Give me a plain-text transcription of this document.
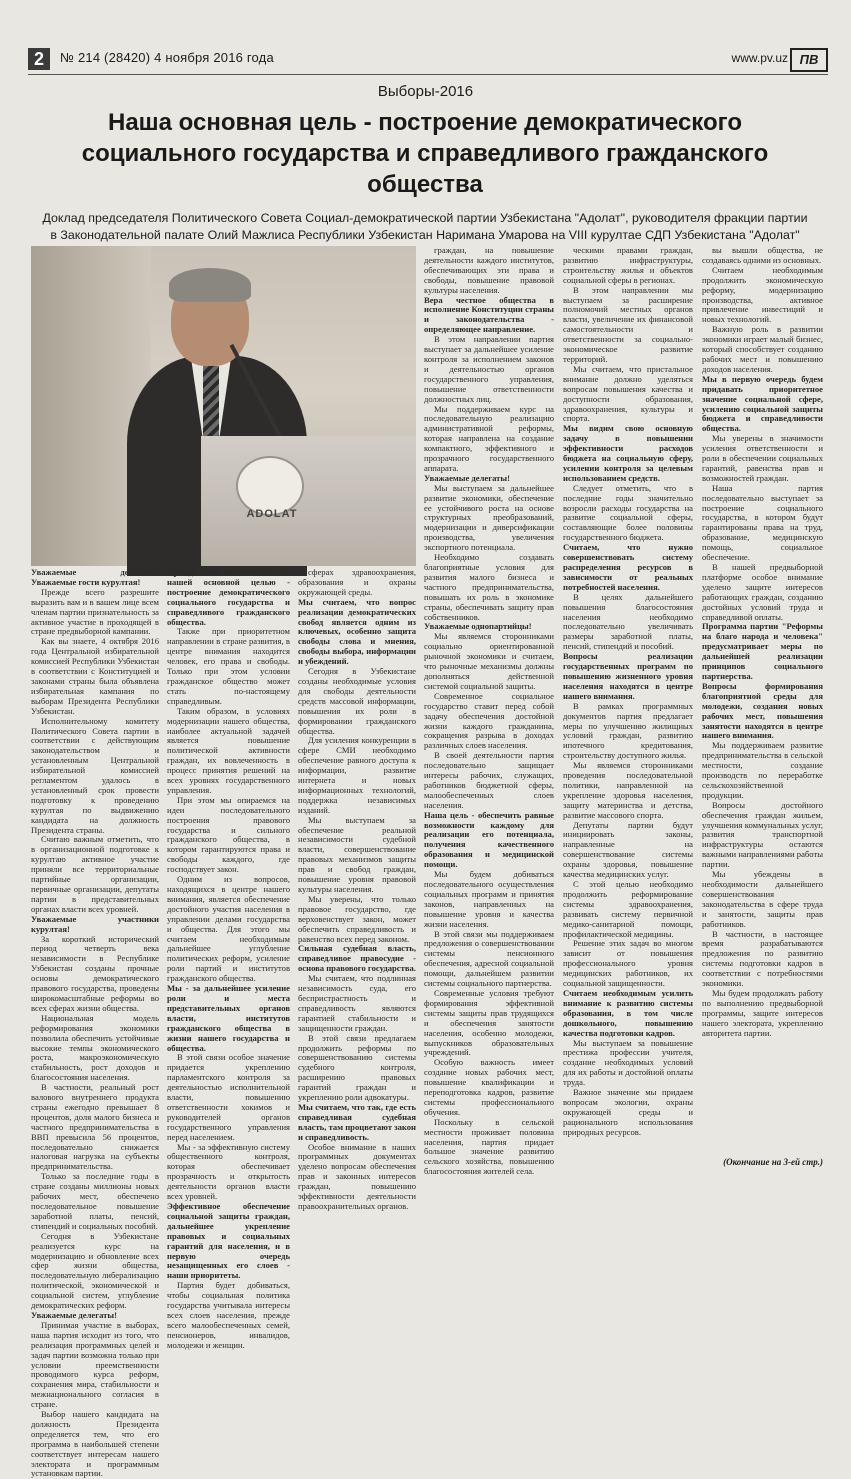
2	№ 214 (28420) 4 ноября 2016 года	www.pv.uz ПВ
Выборы-2016
Наша основная цель - построение демократического социального государства и справедливого гражданского общества
Доклад председателя Политического Совета Социал-демократической партии Узбекистана "Адолат", руководителя фракции партии в Законодательной палате Олий Мажлиса Республики Узбекистан Наримана Умарова на VIII курултае СДП Узбекистана "Адолат"
ADOLAT

Уважаемые делегаты! Уважаемые гости курултая!

Прежде всего разрешите выразить вам и в вашем лице всем членам партии признательность за активное участие в проходящей в стране предвыборной кампании.

Как вы знаете, 4 октября 2016 года Центральной избирательной комиссией Республики Узбекистан в соответствии с Конституцией и законами страны была объявлена избирательная кампания по выборам Президента Республики Узбекистан.

Исполнительному комитету Политического Совета партии в соответствии с действующим законодательством и установленным Центральной избирательной комиссией регламентом удалось в установленный срок провести подготовку к проведению курултая по выдвижению кандидата на должность Президента страны.

Считаю важным отметить, что в организационной подготовке к курултаю активное участие приняли все территориальные партийные организации, первичные организации, депутаты партии в представительных органах власти всех уровней.

Уважаемые участники курултая!

За короткий исторический период четверть века независимости в Республике Узбекистан созданы прочные основы демократического правового государства, проведены широкомасштабные реформы во всех сферах жизни общества.

Национальная модель реформирования экономики позволила обеспечить устойчивые высокие темпы экономического роста, макроэкономическую стабильность, рост доходов и благосостояния населения.

В частности, реальный рост валового внутреннего продукта страны ежегодно превышает 8 процентов, доля малого бизнеса и частного предпринимательства в ВВП превысила 56 процентов, последовательно снижается налоговая нагрузка на субъекты предпринимательства.

Только за последние годы в стране созданы миллионы новых рабочих мест, обеспечено последовательное повышение заработной платы, пенсий, стипендий и социальных пособий.

Сегодня в Узбекистане реализуется курс на модернизацию и обновление всех сфер жизни общества, последовательную либерализацию политической, экономической и социальной систем, углубление демократических реформ.

Уважаемые делегаты!

Принимая участие в выборах, наша партия исходит из того, что реализация программных целей и задач партии возможна только при условии преемственности проводимого курса реформ, сохранения мира, стабильности и межнационального согласия в стране.

Выбор нашего кандидата на должность Президента определяется тем, что его программа в наибольшей степени соответствует интересам нашего электората и программным установкам партии.

Прежде всего мы считаем, что нашей основной целью - построение демократического социального государства и справедливого гражданского общества.

Также при приоритетном направлении в стране развития, в центре внимания находится человек, его права и свободы. Только при этом условии гражданское общество может стать по-настоящему справедливым.

Таким образом, в условиях модернизации нашего общества, наиболее актуальной задачей является повышение политической активности граждан, их вовлеченность в процесс принятия решений на всех уровнях государственного управления.

При этом мы опираемся на идеи последовательного построения правового государства и сильного гражданского общества, в котором гарантируются права и свободы каждого, где господствует закон.

Одним из вопросов, находящихся в центре нашего внимания, является обеспечение достойного участия населения в управлении делами государства и общества. Для этого мы считаем необходимым дальнейшее углубление политических реформ, усиление роли партий и институтов гражданского общества.

Мы - за дальнейшее усиление роли и места представительных органов власти, институтов гражданского общества в жизни нашего государства и общества.

В этой связи особое значение придается укреплению парламентского контроля за деятельностью исполнительной власти, повышению ответственности хокимов и руководителей органов государственного управления перед населением.

Мы - за эффективную систему общественного контроля, которая обеспечивает прозрачность и открытость деятельности органов власти всех уровней.

Эффективное обеспечение социальной защиты граждан, дальнейшее укрепление правовых и социальных гарантий для населения, и в первую очередь незащищенных его слоев - наши приоритеты.

Партия будет добиваться, чтобы социальная политика государства учитывала интересы всех слоев населения, прежде всего малообеспеченных семей, пенсионеров, инвалидов, молодежи и женщин.

сферах здравоохранения, образования и охраны окружающей среды.

Мы считаем, что вопрос реализации демократических свобод является одним из ключевых, особенно защита свободы слова и мнения, свободы выбора, информации и убеждений.

Сегодня в Узбекистане созданы необходимые условия для свободы деятельности средств массовой информации, повышения их роли в формировании гражданского общества.

Для усиления конкуренции в сфере СМИ необходимо обеспечение равного доступа к информации, развитие интернета и новых информационных технологий, поддержка независимых изданий.

Мы выступаем за обеспечение реальной независимости судебной власти, совершенствование правовых механизмов защиты прав и свобод граждан, повышение уровня правовой культуры населения.

Мы уверены, что только правовое государство, где верховенствует закон, может обеспечить справедливость и равенство всех перед законом.

Сильная судебная власть, справедливое правосудие - основа правового государства.

Мы считаем, что подлинная независимость суда, его беспристрастность и справедливость являются гарантией стабильности и защищенности граждан.

В этой связи предлагаем продолжить реформы по совершенствованию системы судебного контроля, расширению правовых гарантий граждан и укреплению роли адвокатуры.

Мы считаем, что так, где есть справедливая судебная власть, там процветают закон и справедливость.

Особое внимание в наших программных документах уделено вопросам обеспечения прав и законных интересов граждан, повышению эффективности деятельности правоохранительных органов.

граждан, на повышение деятельности каждого институтов, обеспечивающих эти права и свободы, повышение правовой культуры населения.

Вера честное общества в исполнение Конституции страны и законодательства - определяющее направление.

В этом направлении партия выступает за дальнейшее усиление контроля за исполнением законов и деятельностью органов государственного управления, повышение ответственности должностных лиц.

Мы поддерживаем курс на последовательную реализацию административной реформы, которая направлена на создание компактного, эффективного и прозрачного государственного аппарата.

Уважаемые делегаты!

Мы выступаем за дальнейшее развитие экономики, обеспечение ее устойчивого роста на основе структурных преобразований, модернизации и диверсификации производства, увеличения экспортного потенциала.

Необходимо создавать благоприятные условия для развития малого бизнеса и частного предпринимательства, повышать их роль в экономике страны, обеспечивать защиту прав собственников.

Уважаемые однопартийцы!

Мы являемся сторонниками социально ориентированной рыночной экономики и считаем, что рыночные механизмы должны дополняться действенной системой социальной защиты.

Современное социальное государство ставит перед собой задачу обеспечения достойной жизни каждого гражданина, сокращения разрыва в доходах различных слоев населения.

В своей деятельности партия последовательно защищает интересы рабочих, служащих, работников бюджетной сферы, малообеспеченных слоев населения.

Наша цель - обеспечить равные возможности каждому для реализации его потенциала, получения качественного образования и медицинской помощи.

Мы будем добиваться последовательного осуществления социальных программ и принятия законов, направленных на повышение уровня и качества жизни населения.

В этой связи мы поддерживаем предложения о совершенствовании системы пенсионного обеспечения, адресной социальной помощи, дальнейшем развитии системы социального партнерства.

Современные условия требуют формирования эффективной системы защиты прав трудящихся и обеспечения занятости населения, особенно молодежи, выпускников образовательных учреждений.

Особую важность имеет создание новых рабочих мест, повышение квалификации и переподготовка кадров, развитие системы профессионального обучения.

Поскольку в сельской местности проживает половина населения, партия придает большое значение развитию сельского хозяйства, повышению благосостояния жителей села.

ческими правами граждан, развитию инфраструктуры, строительству жилья и объектов социальной сферы в регионах.

В этом направлении мы выступаем за расширение полномочий местных органов власти, увеличение их финансовой самостоятельности и ответственности за социально-экономическое развитие территорий.

Мы считаем, что пристальное внимание должно уделяться вопросам повышения качества и доступности образования, здравоохранения, культуры и спорта.

Мы видим свою основную задачу в повышении эффективности расходов бюджета на социальную сферу, усилении контроля за целевым использованием средств.

Следует отметить, что в последние годы значительно возросли расходы государства на развитие социальной сферы, составляющие более половины государственного бюджета.

Считаем, что нужно совершенствовать систему распределения ресурсов в зависимости от реальных потребностей населения.

В целях дальнейшего повышения благосостояния населения необходимо последовательно увеличивать размеры заработной платы, пенсий, стипендий и пособий.

Вопросы реализации государственных программ по повышению жизненного уровня населения находятся в центре нашего внимания.

В рамках программных документов партия предлагает меры по улучшению жилищных условий граждан, развитию ипотечного кредитования, строительству доступного жилья.

Мы являемся сторонниками проведения последовательной политики, направленной на укрепление здоровья населения, защиту материнства и детства, развитие массового спорта.

Депутаты партии будут инициировать законы, направленные на совершенствование системы охраны здоровья, повышение качества медицинских услуг.

С этой целью необходимо продолжить реформирование системы здравоохранения, развивать систему первичной медико-санитарной помощи, профилактической медицины.

Решение этих задач во многом зависит от повышения профессионального уровня медицинских работников, их социальной защищенности.

Считаем необходимым усилить внимание к развитию системы образования, в том числе дошкольного, повышению качества подготовки кадров.

Мы выступаем за повышение престижа профессии учителя, создание необходимых условий для их работы и достойной оплаты труда.

Важное значение мы придаем вопросам экологии, охраны окружающей среды и рационального использования природных ресурсов.

вы вышли общества, не создаваясь одними из основных.

Считаем необходимым продолжить экономическую реформу, модернизацию производства, активное привлечение инвестиций и новых технологий.

Важную роль в развитии экономики играет малый бизнес, который способствует созданию рабочих мест и повышению доходов населения.

Мы в первую очередь будем придавать приоритетное значение социальной сфере, усилению социальной защиты бюджета и справедливости общества.

Мы уверены в значимости усиления ответственности и роли в обеспечении социальных гарантий, равенства прав и возможностей граждан.

Наша партия последовательно выступает за построение социального государства, в котором будут гарантированы права на труд, образование, медицинскую помощь, социальное обеспечение.

В нашей предвыборной платформе особое внимание уделено защите интересов работающих граждан, созданию достойных условий труда и справедливой оплаты.

Программа партии "Реформы на благо народа и человека" предусматривает меры по дальнейшей реализации принципов социального партнерства.

Вопросы формирования благоприятной среды для молодежи, создания новых рабочих мест, повышения занятости находятся в центре нашего внимания.

Мы поддерживаем развитие предпринимательства в сельской местности, создание производств по переработке сельскохозяйственной продукции.

Вопросы достойного обеспечения граждан жильем, улучшения коммунальных услуг, развития транспортной инфраструктуры остаются важными направлениями работы партии.

Мы убеждены в необходимости дальнейшего совершенствования законодательства в сфере труда и занятости, защиты прав работников.

В частности, в настоящее время разрабатываются предложения по развитию системы подготовки кадров в соответствии с потребностями экономики.

Мы будем продолжать работу по выполнению предвыборной программы, защите интересов нашего электората, укреплению авторитета партии.

(Окончание на 3-ей стр.)
